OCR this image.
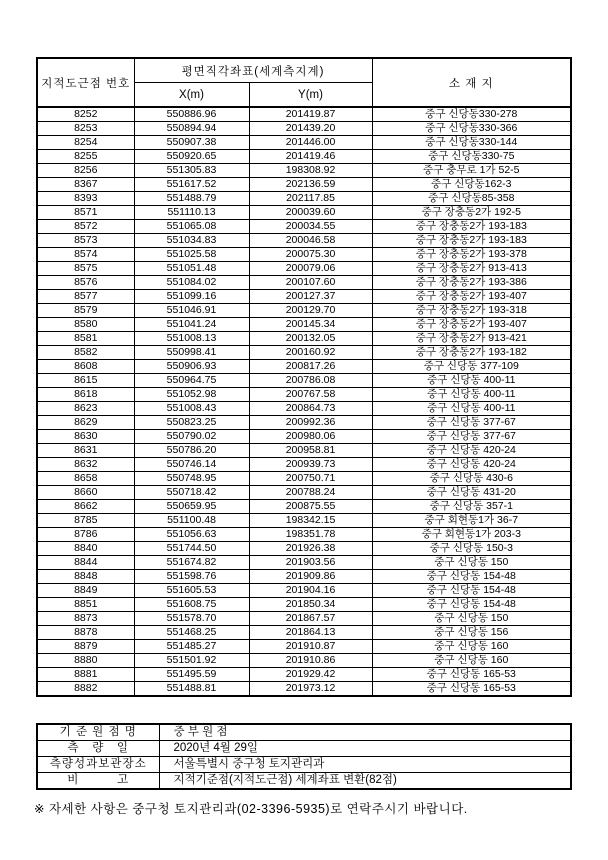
지적도근점 번호	평면직각좌표(세계측지계)		소 재 지
	X(m)	Y(m)	
8252	550886.96	201419.87	중구 신당동330-278
8253	550894.94	201439.20	중구 신당동330-366
8254	550907.38	201446.00	중구 신당동330-144
8255	550920.65	201419.46	중구 신당동330-75
8256	551305.83	198308.92	중구 충무로 1가 52-5
8367	551617.52	202136.59	중구 신당동162-3
8393	551488.79	202117.85	중구 신당동85-358
8571	551110.13	200039.60	중구 장충동2가 192-5
8572	551065.08	200034.55	중구 장충동2가 193-183
8573	551034.83	200046.58	중구 장충동2가 193-183
8574	551025.58	200075.30	중구 장충동2가 193-378
8575	551051.48	200079.06	중구 장충동2가 913-413
8576	551084.02	200107.60	중구 장충동2가 193-386
8577	551099.16	200127.37	중구 장충동2가 193-407
8579	551046.91	200129.70	중구 장충동2가 193-318
8580	551041.24	200145.34	중구 장충동2가 193-407
8581	551008.13	200132.05	중구 장충동2가 913-421
8582	550998.41	200160.92	중구 장충동2가 193-182
8608	550906.93	200817.26	중구 신당동 377-109
8615	550964.75	200786.08	중구 신당동 400-11
8618	551052.98	200767.58	중구 신당동 400-11
8623	551008.43	200864.73	중구 신당동 400-11
8629	550823.25	200992.36	중구 신당동 377-67
8630	550790.02	200980.06	중구 신당동 377-67
8631	550786.20	200958.81	중구 신당동 420-24
8632	550746.14	200939.73	중구 신당동 420-24
8658	550748.95	200750.71	중구 신당동 430-6
8660	550718.42	200788.24	중구 신당동 431-20
8662	550659.95	200875.55	중구 신당동 357-1
8785	551100.48	198342.15	중구 회현동1가 36-7
8786	551056.63	198351.78	중구 회현동1가 203-3
8840	551744.50	201926.38	중구 신당동 150-3
8844	551674.82	201903.56	중구 신당동 150
8848	551598.76	201909.86	중구 신당동 154-48
8849	551605.53	201904.16	중구 신당동 154-48
8851	551608.75	201850.34	중구 신당동 154-48
8873	551578.70	201867.57	중구 신당동 150
8878	551468.25	201864.13	중구 신당동 156
8879	551485.27	201910.87	중구 신당동 160
8880	551501.92	201910.86	중구 신당동 160
8881	551495.59	201929.42	중구 신당동 165-53
8882	551488.81	201973.12	중구 신당동 165-53
기 준 원 점 명	중 부 원 점
측   량   일	2020년 4월 29일
측량성과보관장소	서울특별시 중구청 토지관리과
비         고	지적기준점(지적도근점) 세계좌표 변환(82점)
※ 자세한 사항은 중구청 토지관리과(02-3396-5935)로 연락주시기 바랍니다.
